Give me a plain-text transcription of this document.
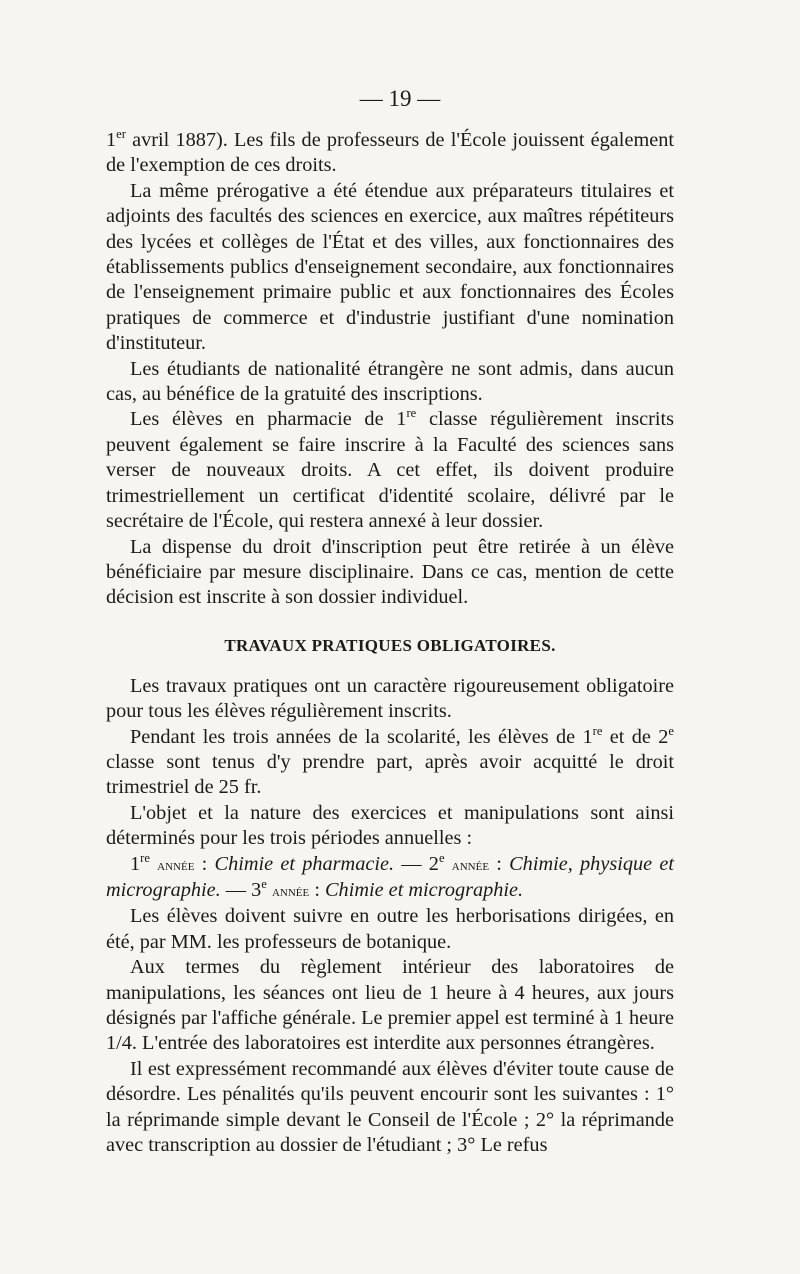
— 19 —

1er avril 1887). Les fils de professeurs de l'École jouissent également de l'exemption de ces droits.

La même prérogative a été étendue aux préparateurs titulaires et adjoints des facultés des sciences en exercice, aux maîtres répétiteurs des lycées et collèges de l'État et des villes, aux fonctionnaires des établissements publics d'enseignement secondaire, aux fonctionnaires de l'enseignement primaire public et aux fonctionnaires des Écoles pratiques de commerce et d'industrie justifiant d'une nomination d'instituteur.

Les étudiants de nationalité étrangère ne sont admis, dans aucun cas, au bénéfice de la gratuité des inscriptions.

Les élèves en pharmacie de 1re classe régulièrement inscrits peuvent également se faire inscrire à la Faculté des sciences sans verser de nouveaux droits. A cet effet, ils doivent produire trimestriellement un certificat d'identité scolaire, délivré par le secrétaire de l'École, qui restera annexé à leur dossier.

La dispense du droit d'inscription peut être retirée à un élève bénéficiaire par mesure disciplinaire. Dans ce cas, mention de cette décision est inscrite à son dossier individuel.

TRAVAUX PRATIQUES OBLIGATOIRES.

Les travaux pratiques ont un caractère rigoureusement obligatoire pour tous les élèves régulièrement inscrits.

Pendant les trois années de la scolarité, les élèves de 1re et de 2e classe sont tenus d'y prendre part, après avoir acquitté le droit trimestriel de 25 fr.

L'objet et la nature des exercices et manipulations sont ainsi déterminés pour les trois périodes annuelles :

1re année : Chimie et pharmacie. — 2e année : Chimie, physique et micrographie. — 3e année : Chimie et micrographie.

Les élèves doivent suivre en outre les herborisations dirigées, en été, par MM. les professeurs de botanique.

Aux termes du règlement intérieur des laboratoires de manipulations, les séances ont lieu de 1 heure à 4 heures, aux jours désignés par l'affiche générale. Le premier appel est terminé à 1 heure 1/4. L'entrée des laboratoires est interdite aux personnes étrangères.

Il est expressément recommandé aux élèves d'éviter toute cause de désordre. Les pénalités qu'ils peuvent encourir sont les suivantes : 1° la réprimande simple devant le Conseil de l'École ; 2° la réprimande avec transcription au dossier de l'étudiant ; 3° Le refus
